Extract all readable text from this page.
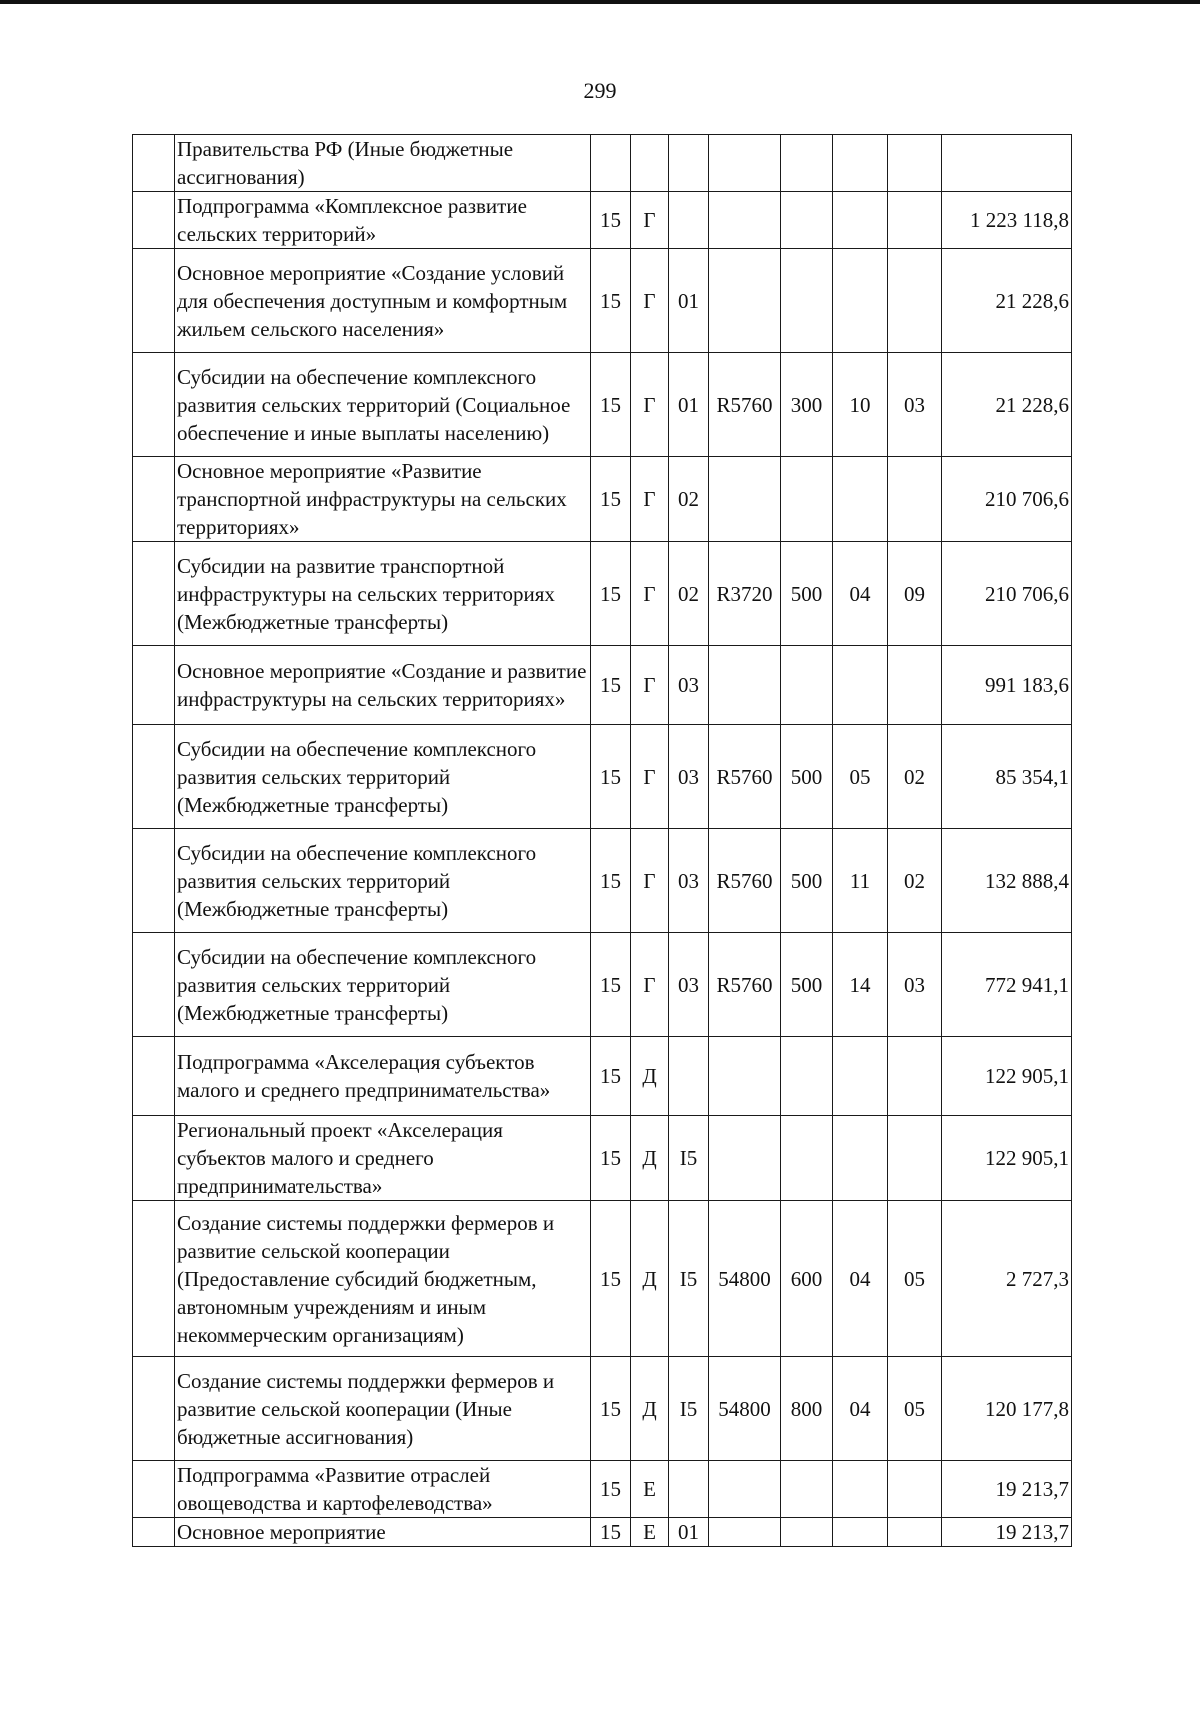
299
	Правительства РФ (Иные бюджетные ассигнования)								
	Подпрограмма «Комплексное развитие сельских территорий»	15	Г						1 223 118,8
	Основное мероприятие «Создание условий для обеспечения доступным и комфортным жильем сельского населения»	15	Г	01					21 228,6
	Субсидии на обеспечение комплексного развития сельских территорий (Социальное обеспечение и иные выплаты населению)	15	Г	01	R5760	300	10	03	21 228,6
	Основное мероприятие «Развитие транспортной инфраструктуры на сельских территориях»	15	Г	02					210 706,6
	Субсидии на развитие транспортной инфраструктуры на сельских территориях (Межбюджетные трансферты)	15	Г	02	R3720	500	04	09	210 706,6
	Основное мероприятие «Создание и развитие инфраструктуры на сельских территориях»	15	Г	03					991 183,6
	Субсидии на обеспечение комплексного развития сельских территорий (Межбюджетные трансферты)	15	Г	03	R5760	500	05	02	85 354,1
	Субсидии на обеспечение комплексного развития сельских территорий (Межбюджетные трансферты)	15	Г	03	R5760	500	11	02	132 888,4
	Субсидии на обеспечение комплексного развития сельских территорий (Межбюджетные трансферты)	15	Г	03	R5760	500	14	03	772 941,1
	Подпрограмма «Акселерация субъектов малого и среднего предпринимательства»	15	Д						122 905,1
	Региональный проект «Акселерация субъектов малого и среднего предпринимательства»	15	Д	I5					122 905,1
	Создание системы поддержки фермеров и развитие сельской кооперации (Предоставление субсидий бюджетным, автономным учреждениям и иным некоммерческим организациям)	15	Д	I5	54800	600	04	05	2 727,3
	Создание системы поддержки фермеров и развитие сельской кооперации (Иные бюджетные ассигнования)	15	Д	I5	54800	800	04	05	120 177,8
	Подпрограмма «Развитие отраслей овощеводства и картофелеводства»	15	Е						19 213,7
	Основное мероприятие	15	Е	01					19 213,7
